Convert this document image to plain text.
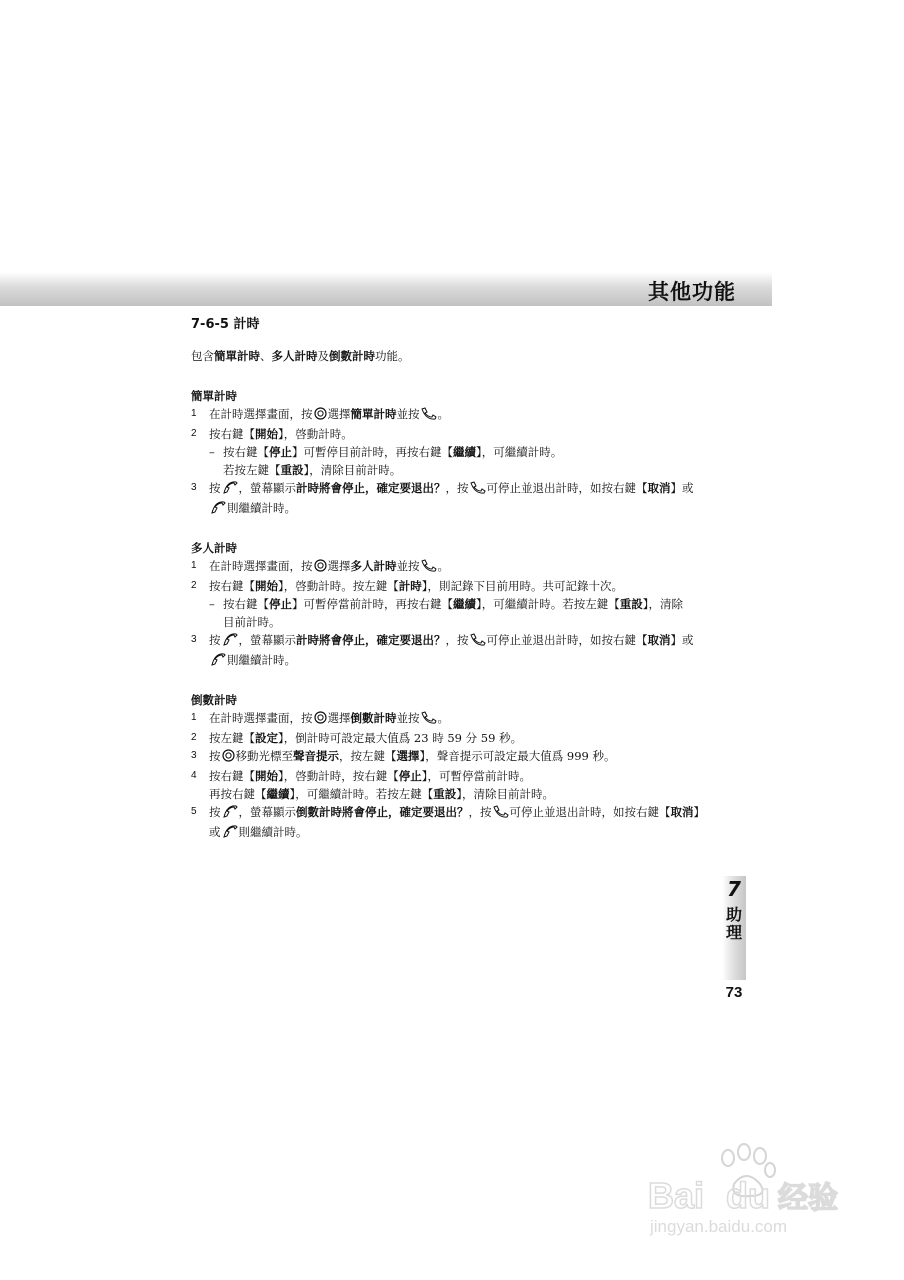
其他功能
7-6-5 計時
包含簡單計時、多人計時及倒數計時功能。
簡單計時
1 在計時選擇畫面，按 選擇簡單計時並按 。
2 按右鍵【開始】，啓動計時。
– 按右鍵【停止】可暫停目前計時，再按右鍵【繼續】，可繼續計時。
若按左鍵【重設】，清除目前計時。
3 按 ，螢幕顯示計時將會停止，確定要退出？，按 可停止並退出計時，如按右鍵【取消】或
則繼續計時。
多人計時
1 在計時選擇畫面，按 選擇多人計時並按 。
2 按右鍵【開始】，啓動計時。按左鍵【計時】，則記錄下目前用時。共可記錄十次。
– 按右鍵【停止】可暫停當前計時，再按右鍵【繼續】，可繼續計時。若按左鍵【重設】，清除
目前計時。
3 按 ，螢幕顯示計時將會停止，確定要退出？，按 可停止並退出計時，如按右鍵【取消】或
則繼續計時。
倒數計時
1 在計時選擇畫面，按 選擇倒數計時並按 。
2 按左鍵【設定】，倒計時可設定最大值爲 23 時 59 分 59 秒。
3 按 移動光標至聲音提示，按左鍵【選擇】，聲音提示可設定最大值爲 999 秒。
4 按右鍵【開始】，啓動計時，按右鍵【停止】，可暫停當前計時。
再按右鍵【繼續】，可繼續計時。若按左鍵【重設】，清除目前計時。
5 按 ，螢幕顯示倒數計時將會停止，確定要退出？，按 可停止並退出計時，如按右鍵【取消】
或 則繼續計時。
7
助
理
73
Bai du 经验
jingyan.baidu.com
